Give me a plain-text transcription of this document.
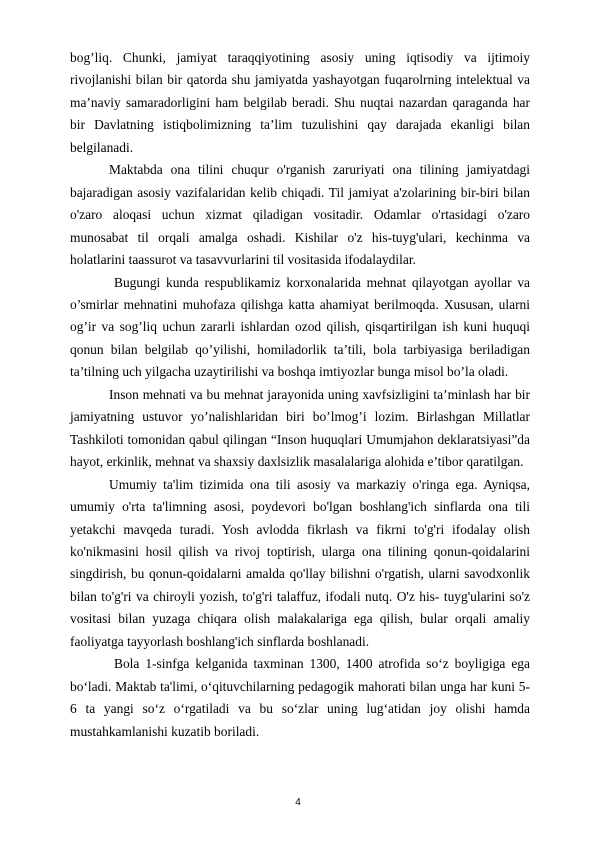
bog’liq. Chunki, jamiyat taraqqiyotining asosiy uning iqtisodiy va ijtimoiy rivojlanishi bilan bir qatorda shu jamiyatda yashayotgan fuqarolrning intelektual va ma’naviy samaradorligini ham belgilab beradi. Shu nuqtai nazardan qaraganda har bir Davlatning istiqbolimizning ta’lim tuzulishini qay darajada ekanligi bilan belgilanadi.

Maktabda ona tilini chuqur o'rganish zaruriyati ona tilining jamiyatdagi bajaradigan asosiy vazifalaridan kelib chiqadi. Til jamiyat a'zolarining bir-biri bilan o'zaro aloqasi uchun xizmat qiladigan vositadir. Odamlar o'rtasidagi o'zaro munosabat til orqali amalga oshadi. Kishilar o'z his-tuyg'ulari, kechinma va holatlarini taassurot va tasavvurlarini til vositasida ifodalaydilar.

Bugungi kunda respublikamiz korxonalarida mehnat qilayotgan ayollar va o’smirlar mehnatini muhofaza qilishga katta ahamiyat berilmoqda. Xususan, ularni og’ir va sog’liq uchun zararli ishlardan ozod qilish, qisqartirilgan ish kuni huquqi qonun bilan belgilab qo’yilishi, homiladorlik ta’tili, bola tarbiyasiga beriladigan ta’tilning uch yilgacha uzaytirilishi va boshqa imtiyozlar bunga misol bo’la oladi.

Inson mehnati va bu mehnat jarayonida uning xavfsizligini ta’minlash har bir jamiyatning ustuvor yo’nalishlaridan biri bo’lmog’i lozim. Birlashgan Millatlar Tashkiloti tomonidan qabul qilingan “Inson huquqlari Umumjahon deklaratsiyasi”da hayot, erkinlik, mehnat va shaxsiy daxlsizlik masalalariga alohida e’tibor qaratilgan.

Umumiy ta'lim tizimida ona tili asosiy va markaziy o'ringa ega. Ayniqsa, umumiy o'rta ta'limning asosi, poydevori bo'lgan boshlang'ich sinflarda ona tili yetakchi mavqeda turadi. Yosh avlodda fikrlash va fikrni to'g'ri ifodalay olish ko'nikmasini hosil qilish va rivoj toptirish, ularga ona tilining qonun-qoidalarini singdirish, bu qonun-qoidalarni amalda qo'llay bilishni o'rgatish, ularni savodxonlik bilan to'g'ri va chiroyli yozish, to'g'ri talaffuz, ifodali nutq. O'z his- tuyg'ularini so'z vositasi bilan yuzaga chiqara olish malakalariga ega qilish, bular orqali amaliy faoliyatga tayyorlash boshlang'ich sinflarda boshlanadi.

Bola 1-sinfga kelganida taxminan 1300, 1400 atrofida so‘z boyligiga ega bo‘ladi. Maktab ta'limi, o‘qituvchilarning pedagogik mahorati bilan unga har kuni 5-6 ta yangi so‘z o‘rgatiladi va bu so‘zlar uning lug‘atidan joy olishi hamda mustahkamlanishi kuzatib boriladi.

4
